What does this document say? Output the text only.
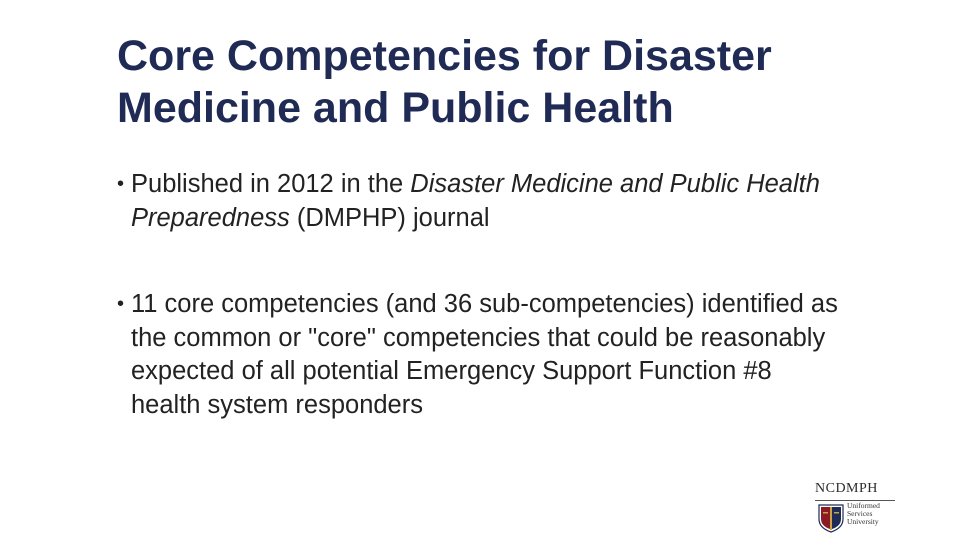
Core Competencies for Disaster
Medicine and Public Health
• Published in 2012 in the Disaster Medicine and Public Health Preparedness (DMPHP) journal
• 11 core competencies (and 36 sub-competencies) identified as the common or "core" competencies that could be reasonably expected of all potential Emergency Support Function #8 health system responders
NCDMPH
Uniformed
Services
University
